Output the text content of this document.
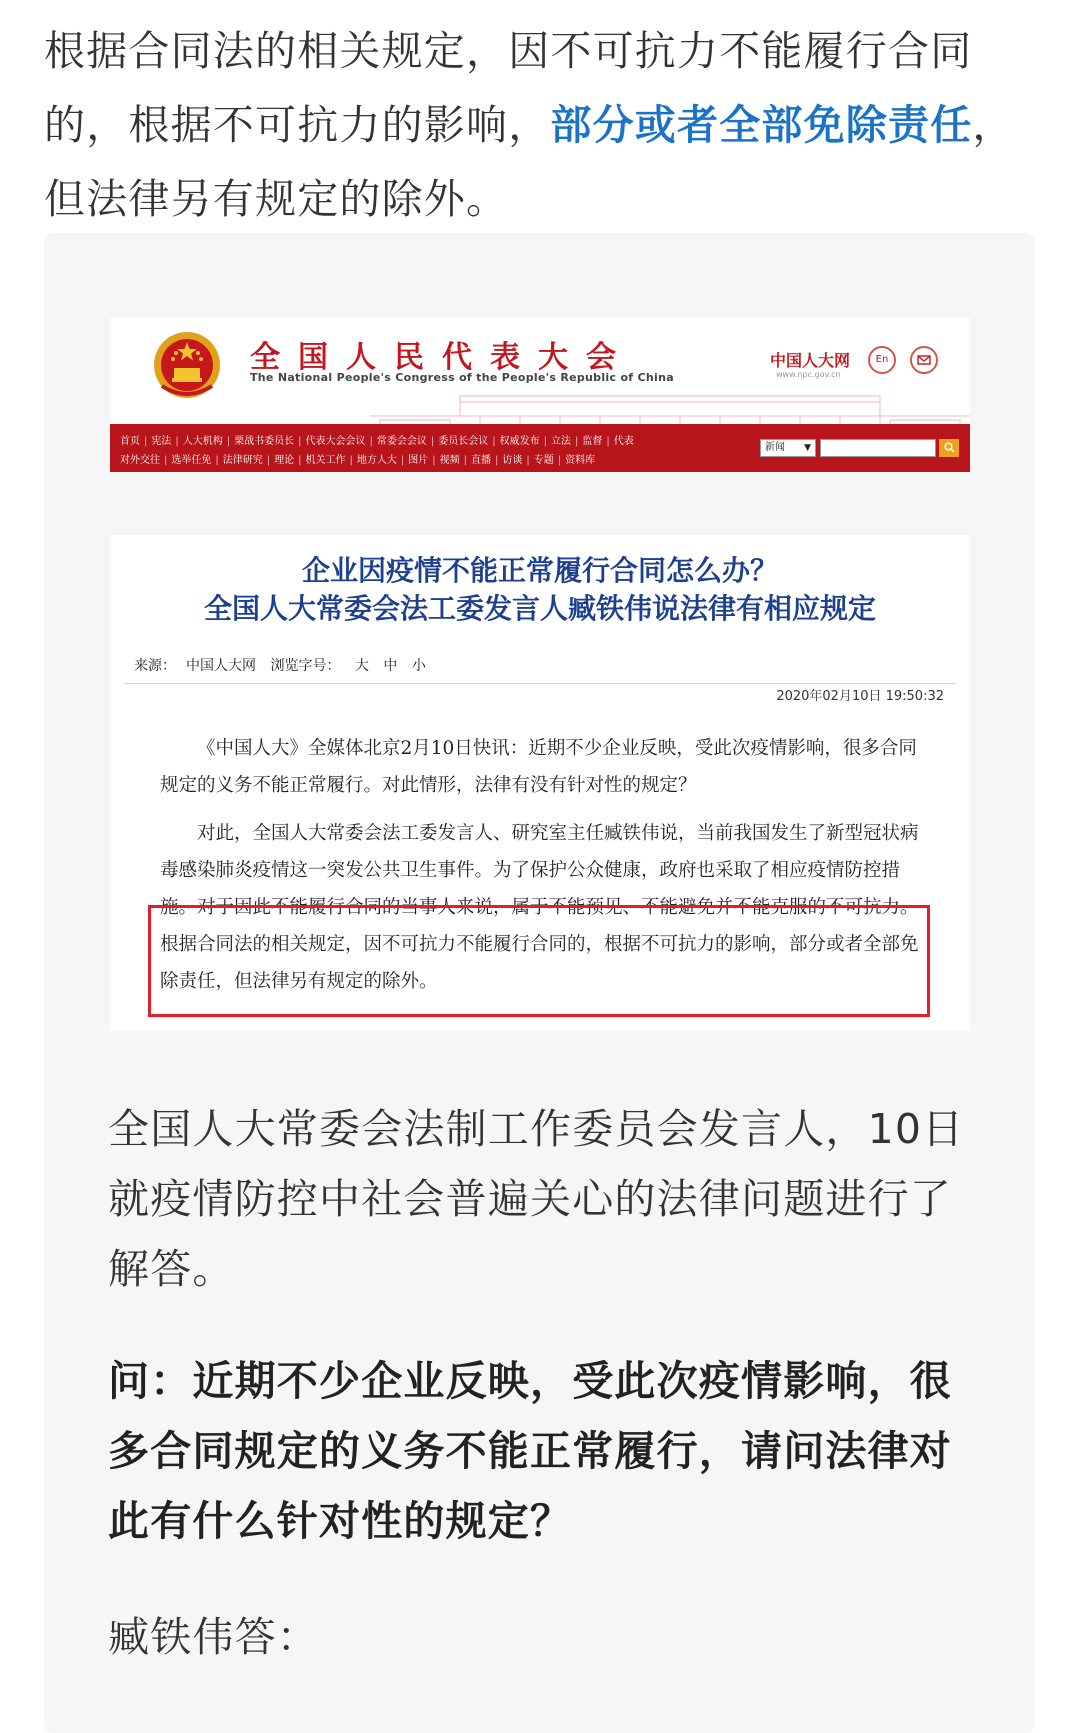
根据合同法的相关规定，因不可抗力不能履行合同的，根据不可抗力的影响，部分或者全部免除责任，但法律另有规定的除外。
全国人民代表大会
The National People's Congress of the People's Republic of China
中国人大网
www.npc.gov.cn
En
首页 | 宪法 | 人大机构 | 栗战书委员长 | 代表大会会议 | 常委会会议 | 委员长会议 | 权威发布 | 立法 | 监督 | 代表
对外交往 | 选举任免 | 法律研究 | 理论 | 机关工作 | 地方人大 | 图片 | 视频 | 直播 | 访谈 | 专题 | 资料库
新闻 ▼
企业因疫情不能正常履行合同怎么办？
全国人大常委会法工委发言人臧铁伟说法律有相应规定
来源： 中国人大网 浏览字号： 大 中 小
2020年02月10日 19:50:32
《中国人大》全媒体北京2月10日快讯：近期不少企业反映，受此次疫情影响，很多合同规定的义务不能正常履行。对此情形，法律有没有针对性的规定？
对此，全国人大常委会法工委发言人、研究室主任臧铁伟说，当前我国发生了新型冠状病毒感染肺炎疫情这一突发公共卫生事件。为了保护公众健康，政府也采取了相应疫情防控措施。对于因此不能履行合同的当事人来说，属于不能预见、不能避免并不能克服的不可抗力。根据合同法的相关规定，因不可抗力不能履行合同的，根据不可抗力的影响，部分或者全部免除责任，但法律另有规定的除外。
全国人大常委会法制工作委员会发言人，10日就疫情防控中社会普遍关心的法律问题进行了解答。
问：近期不少企业反映，受此次疫情影响，很多合同规定的义务不能正常履行，请问法律对此有什么针对性的规定？
臧铁伟答：
